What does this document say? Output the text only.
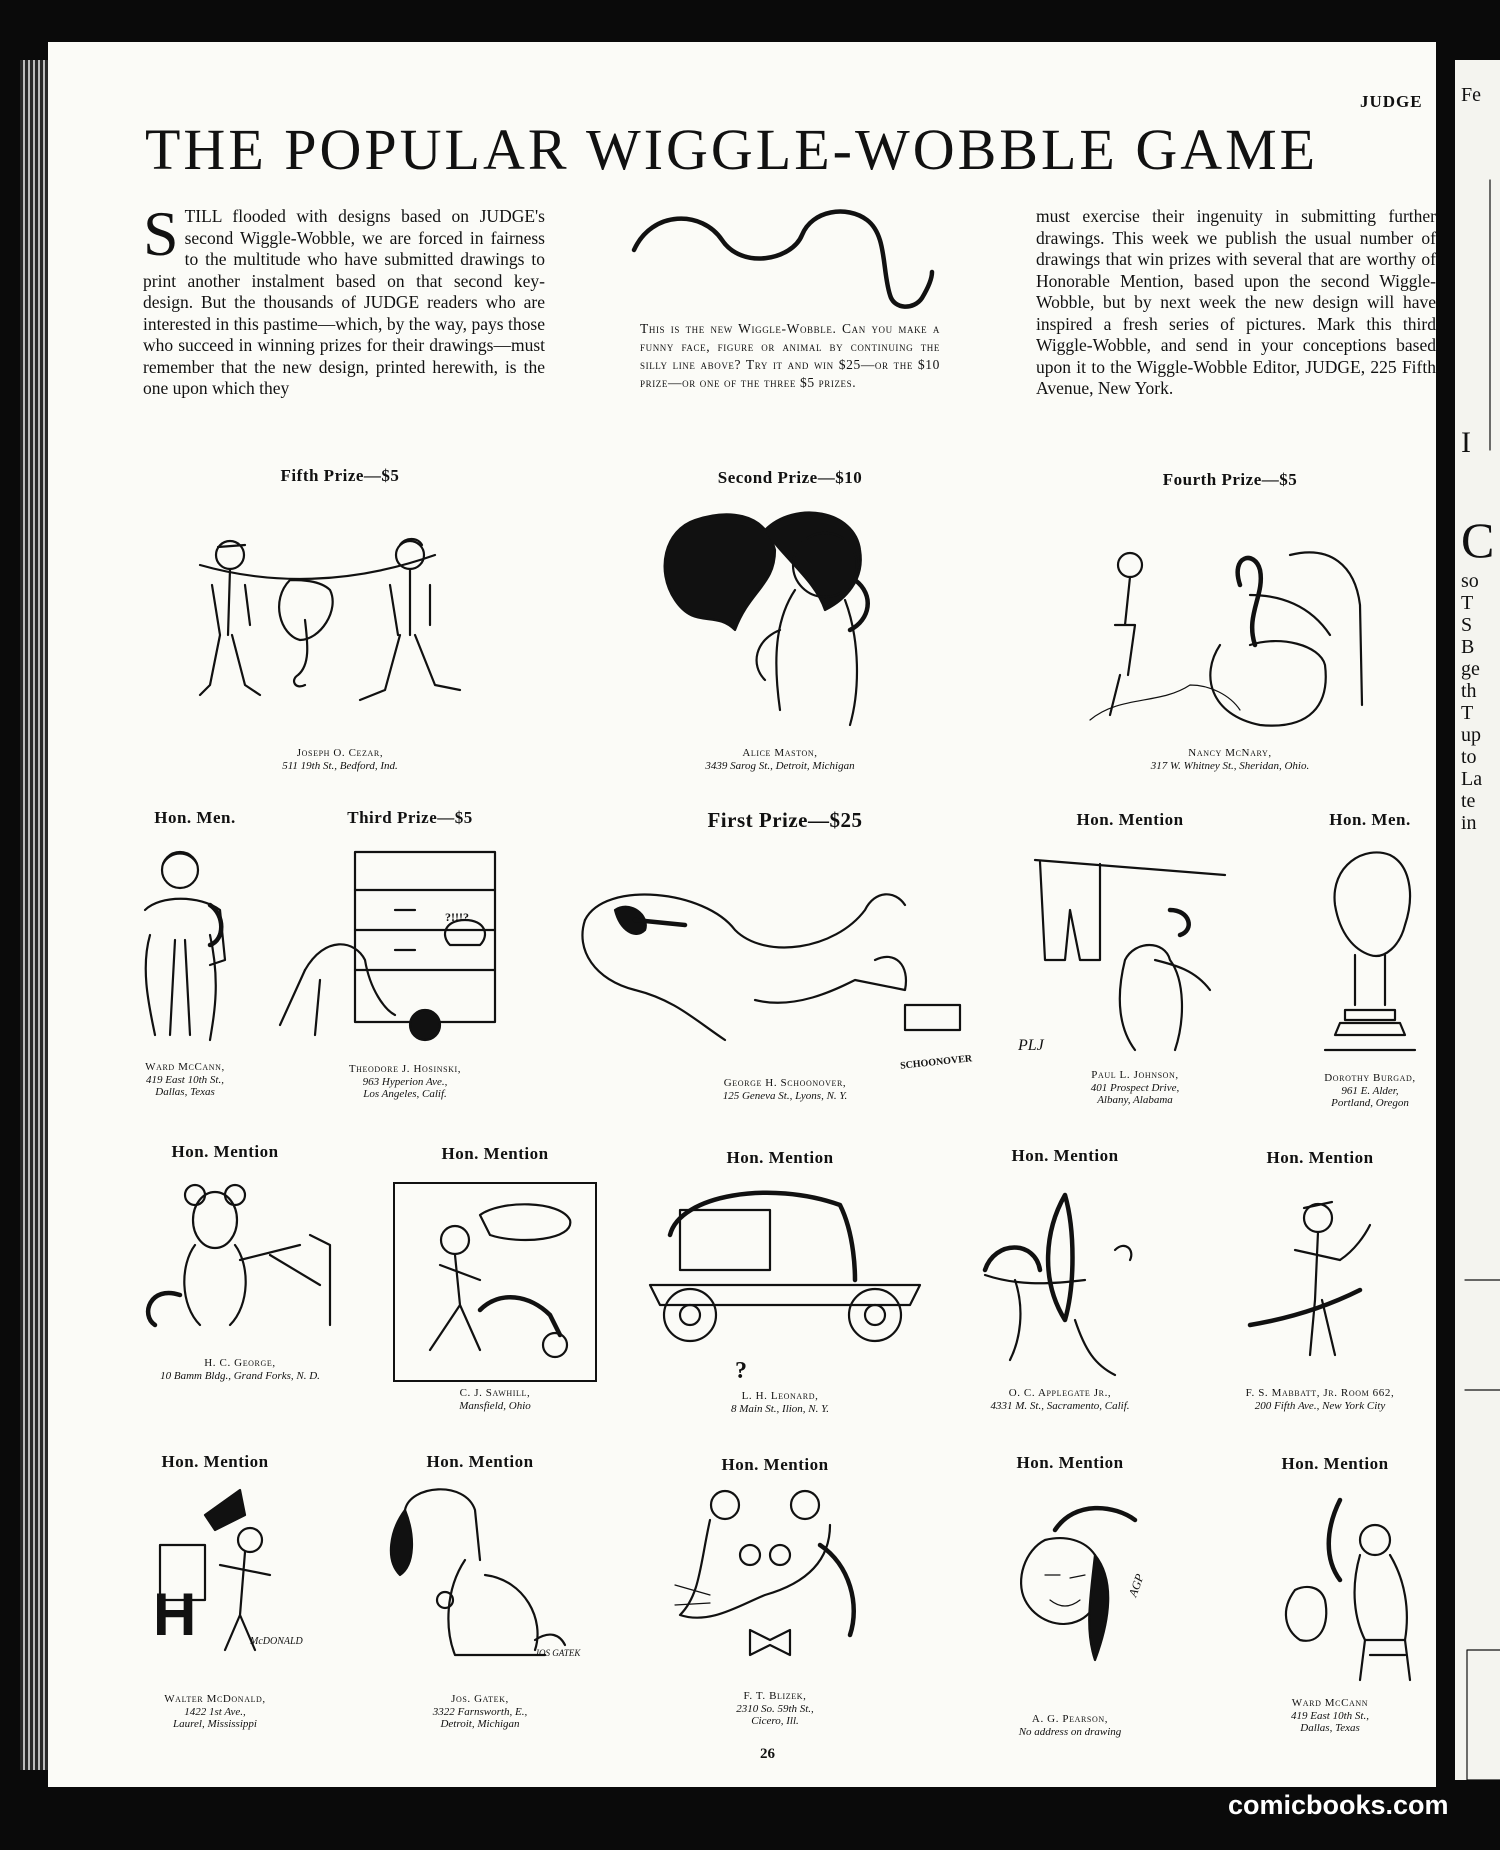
Fe
I
C
so
T
S
B
ge
th
T
up
to
La
te
in
JUDGE
THE POPULAR WIGGLE-WOBBLE GAME
STILL flooded with designs based on JUDGE's second Wiggle-Wobble, we are forced in fairness to the multitude who have submitted drawings to print another instalment based on that second key-design. But the thousands of JUDGE readers who are interested in this pastime—which, by the way, pays those who succeed in winning prizes for their drawings—must remember that the new design, printed herewith, is the one upon which they
This is the new Wiggle-Wobble. Can you make a funny face, figure or animal by continuing the silly line above? Try it and win $25—or the $10 prize—or one of the three $5 prizes.
must exercise their ingenuity in submitting further drawings. This week we publish the usual number of drawings that win prizes with several that are worthy of Honorable Mention, based upon the second Wiggle-Wobble, but by next week the new design will have inspired a fresh series of pictures. Mark this third Wiggle-Wobble, and send in your conceptions based upon it to the Wiggle-Wobble Editor, JUDGE, 225 Fifth Avenue, New York.
Fifth Prize—$5
Joseph O. Cezar,
511 19th St., Bedford, Ind.
Second Prize—$10
Alice Maston,
3439 Sarog St., Detroit, Michigan
Fourth Prize—$5
Nancy McNary,
317 W. Whitney St., Sheridan, Ohio.
Hon. Men.
Ward McCann,
419 East 10th St.,
Dallas, Texas
Third Prize—$5
?!!!?
Theodore J. Hosinski,
963 Hyperion Ave.,
Los Angeles, Calif.
First Prize—$25
SCHOONOVER
George H. Schoonover,
125 Geneva St., Lyons, N. Y.
Hon. Mention
PLJ
Paul L. Johnson,
401 Prospect Drive,
Albany, Alabama
Hon. Men.
Dorothy Burgad,
961 E. Alder,
Portland, Oregon
Hon. Mention
H. C. George,
10 Bamm Bldg., Grand Forks, N. D.
Hon. Mention
C. J. Sawhill,
Mansfield, Ohio
Hon. Mention
?
L. H. Leonard,
8 Main St., Ilion, N. Y.
Hon. Mention
O. C. Applegate Jr.,
4331 M. St., Sacramento, Calif.
Hon. Mention
F. S. Mabbatt, Jr. Room 662,
200 Fifth Ave., New York City
Hon. Mention
H	McDONALD
Walter McDonald,
1422 1st Ave.,
Laurel, Mississippi
Hon. Mention
JOS GATEK
Jos. Gatek,
3322 Farnsworth, E.,
Detroit, Michigan
Hon. Mention
F. T. Blizek,
2310 So. 59th St.,
Cicero, Ill.
Hon. Mention
AGP
A. G. Pearson,
No address on drawing
Hon. Mention
Ward McCann
419 East 10th St.,
Dallas, Texas
26
comicbooks.com
